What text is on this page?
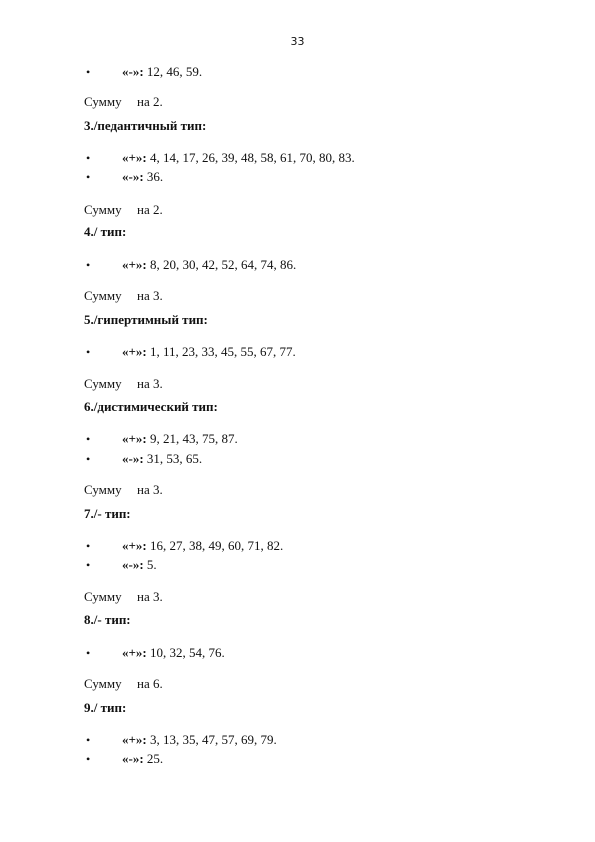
33
• «-»: 12, 46, 59.
Сумму на 2.
3./педантичный тип:
• «+»: 4, 14, 17, 26, 39, 48, 58, 61, 70, 80, 83.
• «-»: 36.
Сумму на 2.
4./ тип:
• «+»: 8, 20, 30, 42, 52, 64, 74, 86.
Сумму на 3.
5./гипертимный тип:
• «+»: 1, 11, 23, 33, 45, 55, 67, 77.
Сумму на 3.
6./дистимический тип:
• «+»: 9, 21, 43, 75, 87.
• «-»: 31, 53, 65.
Сумму на 3.
7./- тип:
• «+»: 16, 27, 38, 49, 60, 71, 82.
• «-»: 5.
Сумму на 3.
8./- тип:
• «+»: 10, 32, 54, 76.
Сумму на 6.
9./ тип:
• «+»: 3, 13, 35, 47, 57, 69, 79.
• «-»: 25.
